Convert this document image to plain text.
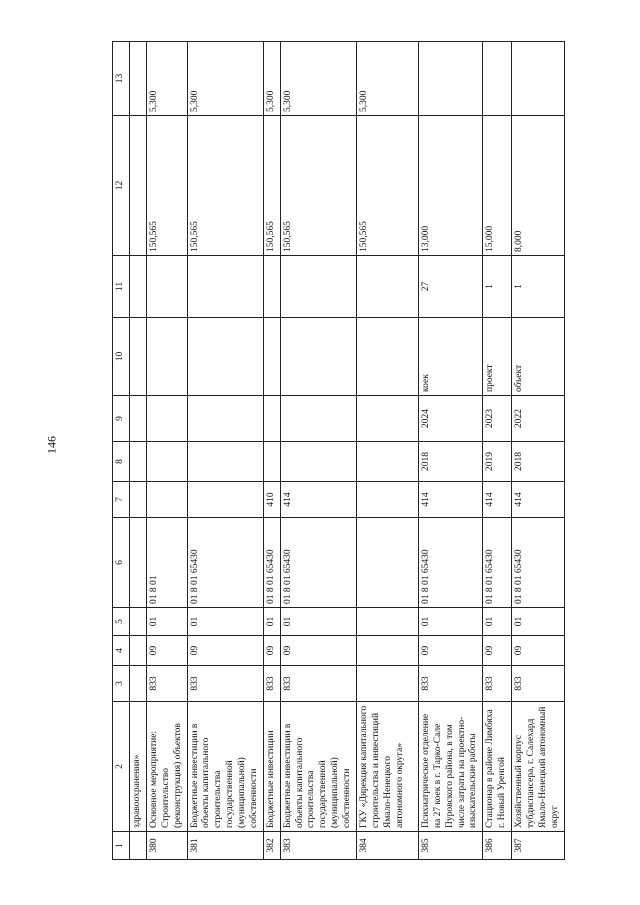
146
1	2	3	4	5	6	7	8	9	10	11	12	13
	здравоохранения»											
380	Основное мероприятие: Строительство (реконструкция) объектов	833	09	01	01 8 01						150,565	5,300
381	Бюджетные инвестиции в объекты капитального строительства государственной (муниципальной) собственности	833	09	01	01 8 01 65430						150,565	5,300
382	Бюджетные инвестиции	833	09	01	01 8 01 65430	410					150,565	5,300
383	Бюджетные инвестиции в объекты капитального строительства государственной (муниципальной) собственности	833	09	01	01 8 01 65430	414					150,565	5,300
384	ГКУ «Дирекция капитального строительства и инвестиций Ямало-Ненецкого автономного округа»										150,565	5,300
385	Психиатрическое отделение на 27 коек в г. Тарко-Сале Пуровского района, в том числе затраты на проектно-изыскательские работы	833	09	01	01 8 01 65430	414	2018	2024	коек	27	13,000	
386	Стационар в районе Лимбяха г. Новый Уренгой	833	09	01	01 8 01 65430	414	2019	2023	проект	1	15,000	
387	Хозяйственный корпус тубдиспансера, г. Салехард Ямало-Ненецкий автономный округ	833	09	01	01 8 01 65430	414	2018	2022	объект	1	8,000	
